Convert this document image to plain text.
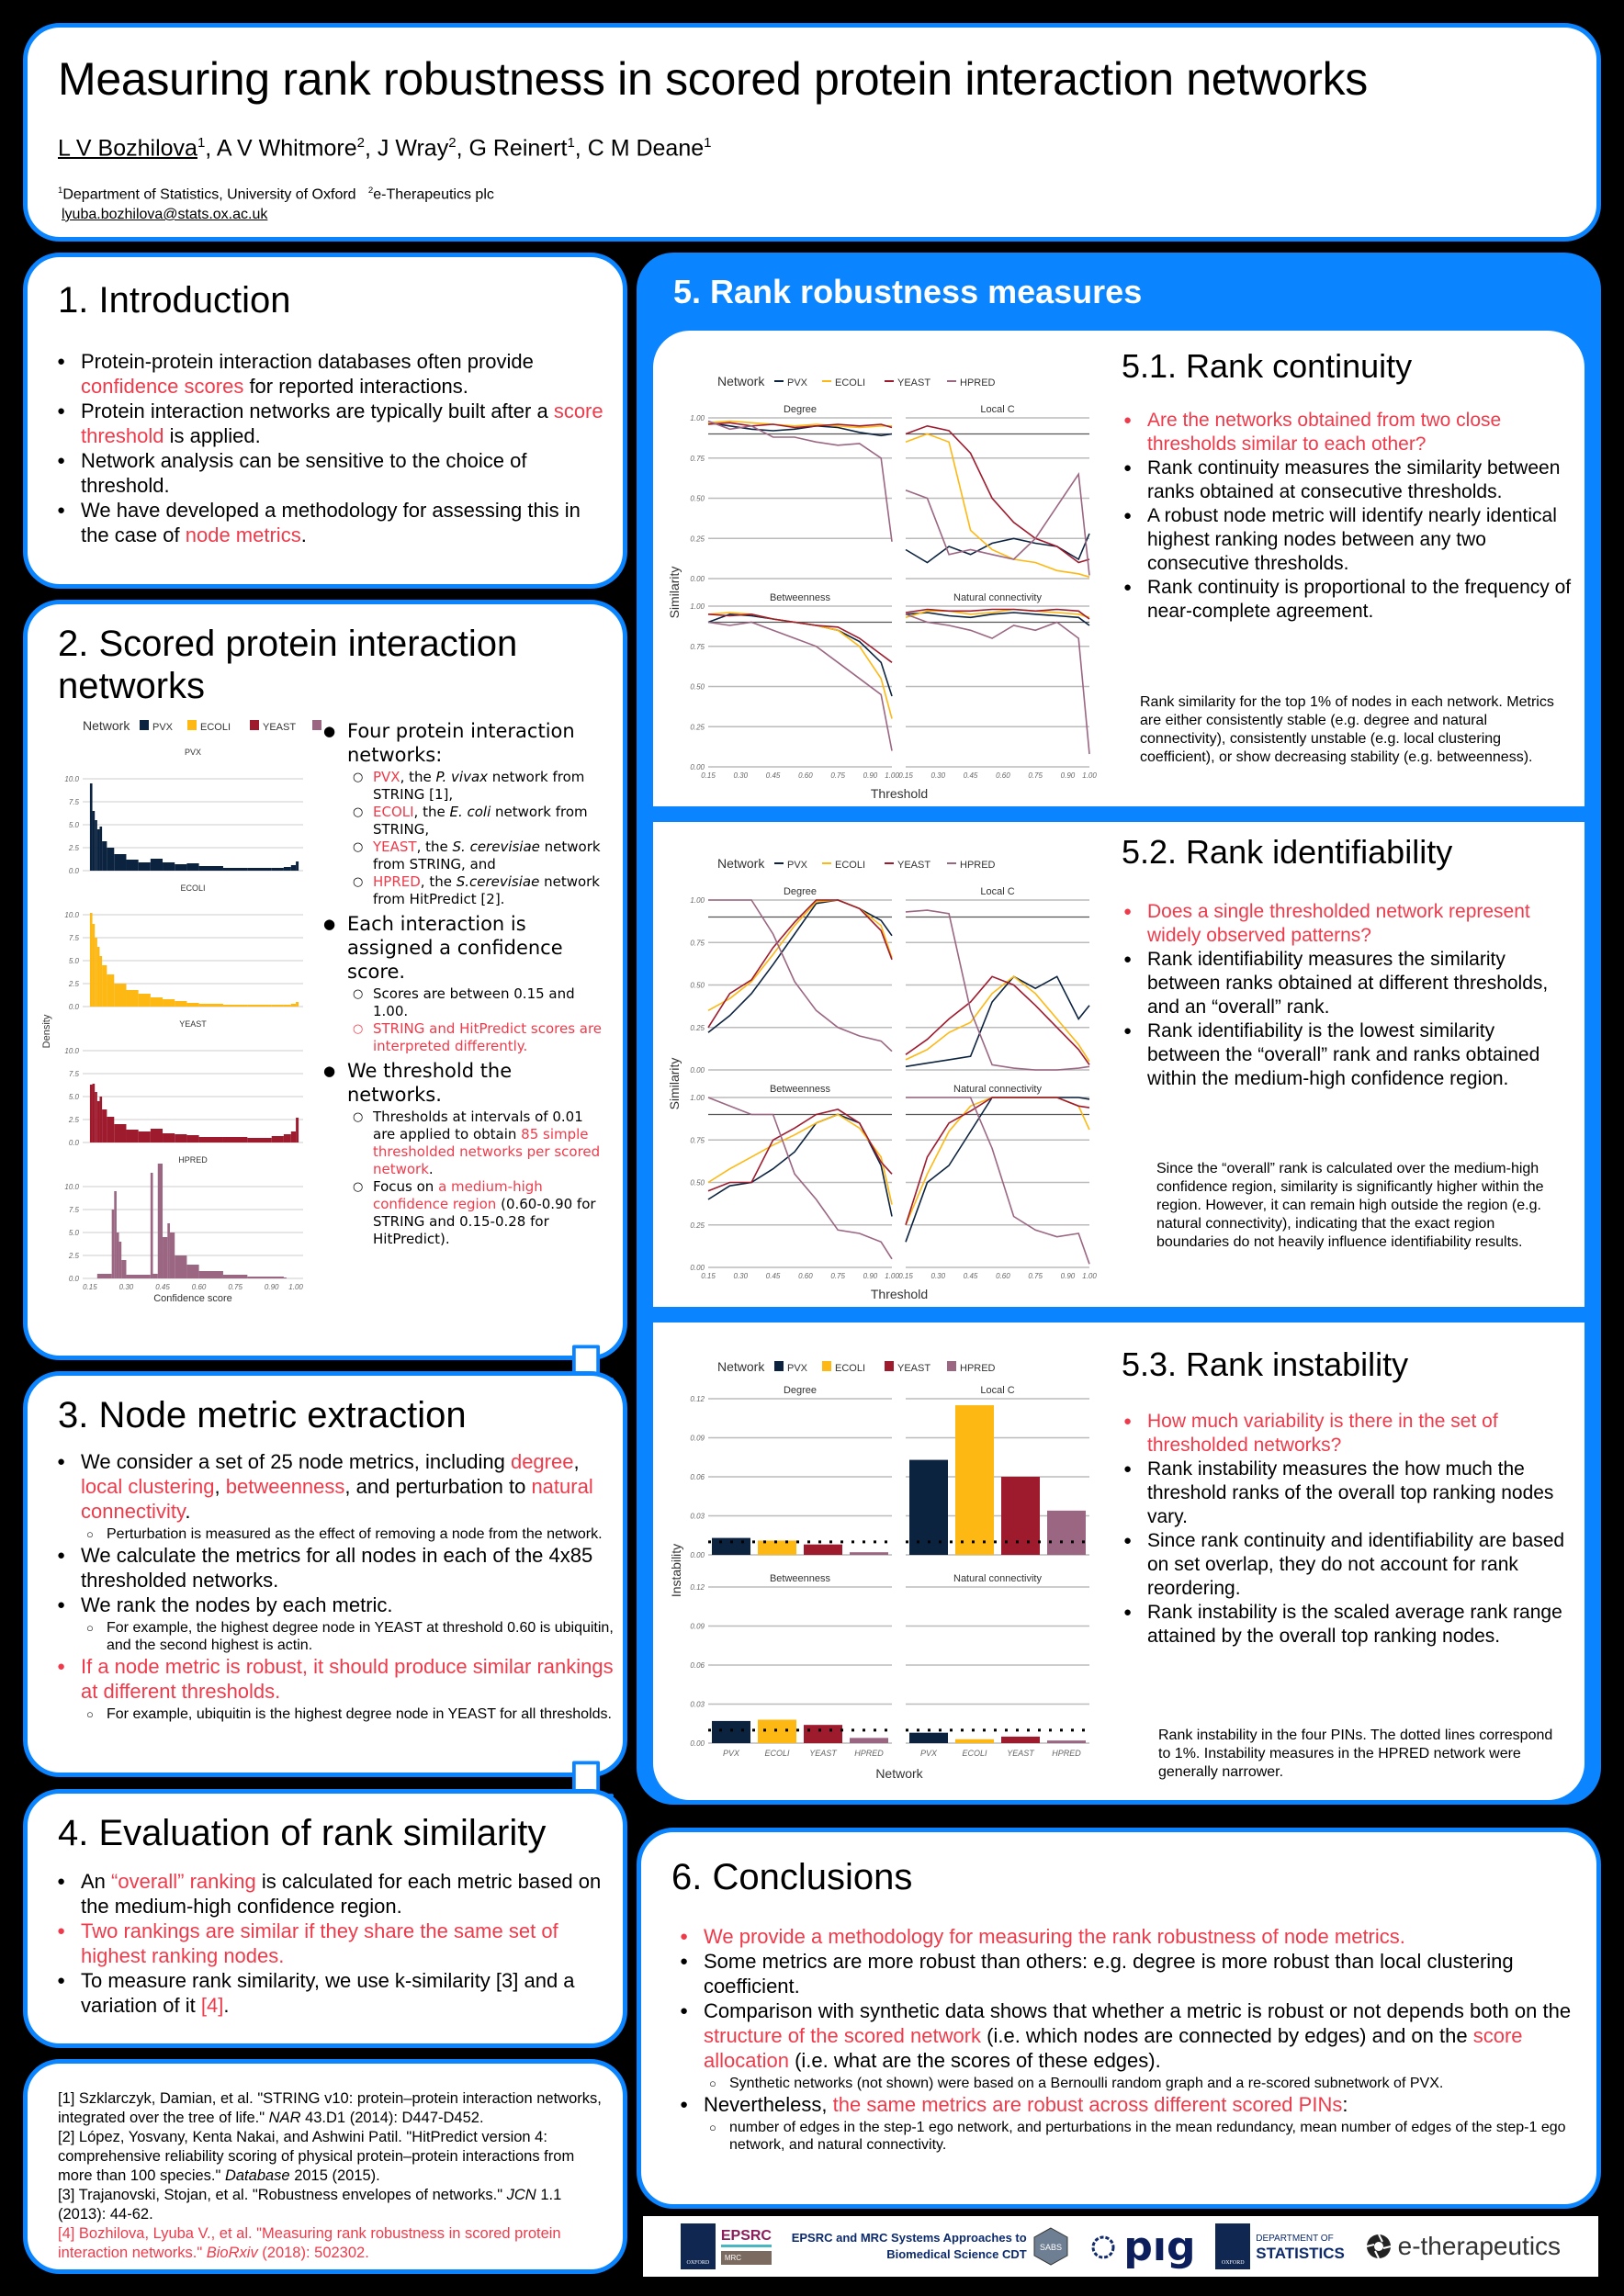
Measuring rank robustness in scored protein interaction networks
L V Bozhilova$^1$, A V Whitmore$^2$, J Wray$^2$, G Reinert$^1$, C M Deane$^1$
$^1$Department of Statistics, University of Oxford $^2$e-Therapeutics plc
lyuba.bozhilova@stats.ox.ac.uk
1. Introduction
● Protein-protein interaction databases often provide confidence scores for reported interactions.
● Protein interaction networks are typically built after a score threshold is applied.
● Network analysis can be sensitive to the choice of threshold.
● We have developed a methodology for assessing this in the case of node metrics.
2. Scored protein interaction networks
Network PVX	ECOLI	YEAST
PVX
0.0
2.5
5.0
7.5
10.0
ECOLI
0.0
2.5
5.0
7.5
10.0
YEAST
0.0
2.5
5.0
7.5
10.0
HPRED
0.0
2.5
5.0
7.5
10.0
0.15	0.30	0.45	0.60	0.75	0.90 1.00
Confidence score
Density
● Four protein interaction networks:
○ PVX, the P. vivax network from STRING [1],
○ ECOLI, the E. coli network from STRING,
○ YEAST, the S. cerevisiae network from STRING, and
○ HPRED, the S.cerevisiae network from HitPredict [2].
● Each interaction is assigned a confidence score.
○ Scores are between 0.15 and 1.00.
○ STRING and HitPredict scores are interpreted differently.
● We threshold the networks.
○ Thresholds at intervals of 0.01 are applied to obtain 85 simple thresholded networks per scored network.
○ Focus on a medium-high confidence region (0.60-0.90 for STRING and 0.15-0.28 for HitPredict).
3. Node metric extraction
● We consider a set of 25 node metrics, including degree, local clustering, betweenness, and perturbation to natural connectivity.
○ Perturbation is measured as the effect of removing a node from the network.
● We calculate the metrics for all nodes in each of the 4x85 thresholded networks.
● We rank the nodes by each metric.
○ For example, the highest degree node in YEAST at threshold 0.60 is ubiquitin, and the second highest is actin.
● If a node metric is robust, it should produce similar rankings at different thresholds.
○ For example, ubiquitin is the highest degree node in YEAST for all thresholds.
4. Evaluation of rank similarity
● An “overall” ranking is calculated for each metric based on the medium-high confidence region.
● Two rankings are similar if they share the same set of highest ranking nodes.
● To measure rank similarity, we use k-similarity [3] and a variation of it [4].
[1] Szklarczyk, Damian, et al. "STRING v10: protein–protein interaction networks, integrated over the tree of life." NAR 43.D1 (2014): D447-D452.
[2] López, Yosvany, Kenta Nakai, and Ashwini Patil. "HitPredict version 4: comprehensive reliability scoring of physical protein–protein interactions from more than 100 species." Database 2015 (2015).
[3] Trajanovski, Stojan, et al. "Robustness envelopes of networks." JCN 1.1 (2013): 44-62.
[4] Bozhilova, Lyuba V., et al. "Measuring rank robustness in scored protein interaction networks." BioRxiv (2018): 502302.
5. Rank robustness measures
Network PVX	ECOLI	YEAST	HPRED
Degree
0.00
0.25
0.50
0.75
1.00
Local C
Betweenness
0.00
0.25
0.50
0.75
1.00
0.15 0.30 0.45 0.60 0.75 0.90 1.00
Natural connectivity
0.15 0.30 0.45 0.60 0.75 0.90 1.00
Threshold
Similarity
5.1. Rank continuity
● Are the networks obtained from two close thresholds similar to each other?
● Rank continuity measures the similarity between ranks obtained at consecutive thresholds.
● A robust node metric will identify nearly identical highest ranking nodes between any two consecutive thresholds.
● Rank continuity is proportional to the frequency of near-complete agreement.
Rank similarity for the top 1% of nodes in each network. Metrics are either consistently stable (e.g. degree and natural connectivity), consistently unstable (e.g. local clustering coefficient), or show decreasing stability (e.g. betweenness).
Network PVX	ECOLI	YEAST	HPRED
Degree
0.00
0.25
0.50
0.75
1.00
Local C
Betweenness
0.00
0.25
0.50
0.75
1.00
0.15 0.30 0.45 0.60 0.75 0.90 1.00
Natural connectivity
0.15 0.30 0.45 0.60 0.75 0.90 1.00
Threshold
Similarity
5.2. Rank identifiability
● Does a single thresholded network represent widely observed patterns?
● Rank identifiability measures the similarity between ranks obtained at different thresholds, and an “overall” rank.
● Rank identifiability is the lowest similarity between the “overall” rank and ranks obtained within the medium-high confidence region.
Since the “overall” rank is calculated over the medium-high confidence region, similarity is significantly higher within the region. However, it can remain high outside the region (e.g. natural connectivity), indicating that the exact region boundaries do not heavily influence identifiability results.
Network PVX	ECOLI	YEAST	HPRED
Degree
0.00
0.03
0.06
0.09
0.12
Local C
Betweenness
0.00
0.03
0.06
0.09
0.12
PVX	ECOLI YEAST HPRED
Natural connectivity
PVX	ECOLI YEAST HPRED
Network
Instability
5.3. Rank instability
● How much variability is there in the set of thresholded networks?
● Rank instability measures the how much the threshold ranks of the overall top ranking nodes vary.
● Since rank continuity and identifiability are based on set overlap, they do not account for rank reordering.
● Rank instability is the scaled average rank range attained by the overall top ranking nodes.
Rank instability in the four PINs. The dotted lines correspond to 1%. Instability measures in the HPRED network were generally narrower.
6. Conclusions
● We provide a methodology for measuring the rank robustness of node metrics.
● Some metrics are more robust than others: e.g. degree is more robust than local clustering coefficient.
● Comparison with synthetic data shows that whether a metric is robust or not depends both on the structure of the scored network (i.e. which nodes are connected by edges) and on the score allocation (i.e. what are the scores of these edges).
○ Synthetic networks (not shown) were based on a Bernoulli random graph and a re-scored subnetwork of PVX.
● Nevertheless, the same metrics are robust across different scored PINs:
○ number of edges in the step-1 ego network, and perturbations in the mean redundancy, mean number of edges of the step-1 ego network, and natural connectivity.
OXFORD
EPSRC
MRC
EPSRC and MRC Systems Approaches to
Biomedical Science CDT SABS pıg	OXFORD
DEPARTMENT OF
STATISTICS e-therapeutics
